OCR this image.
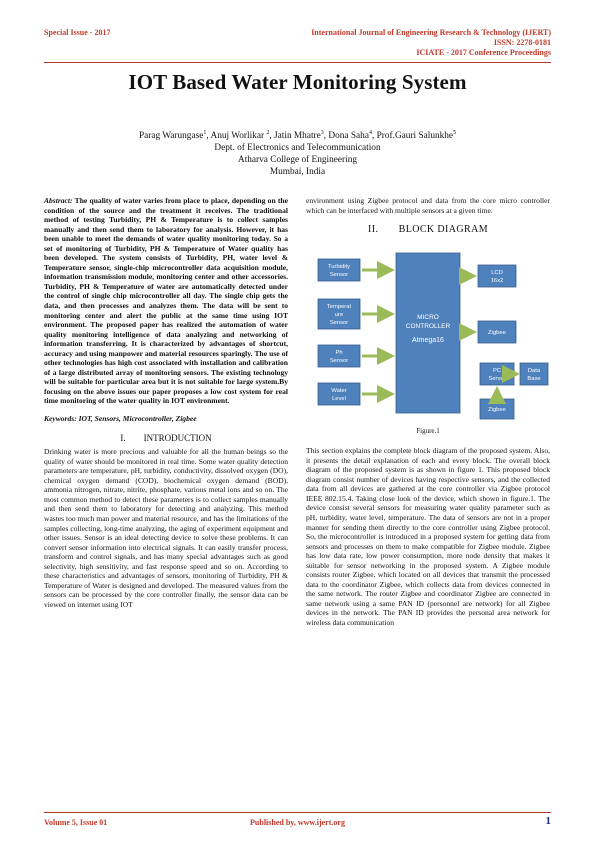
Special Issue - 2017	International Journal of Engineering Research & Technology (IJERT)
ISSN: 2278-0181
ICIATE - 2017 Conference Proceedings
IOT Based Water Monitoring System
Parag Warungase$^1$, Anuj Worlikar $^2$, Jatin Mhatre$^3$, Dona Saha$^4$, Prof.Gauri Salunkhe$^5$
Dept. of Electronics and Telecommunication
Atharva College of Engineering
Mumbai, India

Abstract: The quality of water varies from place to place, depending on the condition of the source and the treatment it receives. The traditional method of testing Turbidity, PH & Temperature is to collect samples manually and then send them to laboratory for analysis. However, it has been unable to meet the demands of water quality monitoring today. So a set of monitoring of Turbidity, PH & Temperature of Water quality has been developed. The system consists of Turbidity, PH, water level & Temperature sensor, single-chip microcontroller data acquisition module, information transmission module, monitoring center and other accessories. Turbidity, PH & Temperature of water are automatically detected under the control of single chip microcontroller all day. The single chip gets the data, and then processes and analyzes them. The data will be sent to monitoring center and alert the public at the same time using IOT environment. The proposed paper has realized the automation of water quality monitoring intelligence of data analyzing and networking of information transferring. It is characterized by advantages of shortcut, accuracy and using manpower and material resources sparingly. The use of other technologies has high cost associated with installation and calibration of a large distributed array of monitoring sensors. The existing technology will be suitable for particular area but it is not suitable for large system.By focusing on the above issues our paper proposes a low cost system for real time monitoring of the water quality in IOT environment.

Keywords: IOT, Sensors, Microcontroller, Zigbee

I.        INTRODUCTION

Drinking water is more precious and valuable for all the human beings so the quality of water should be monitored in real time. Some water quality detection parameters are temperature, pH, turbidity, conductivity, dissolved oxygen (DO), chemical oxygen demand (COD), biochemical oxygen demand (BOD), ammonia nitrogen, nitrate, nitrite, phosphate, various metal ions and so on. The most common method to detect these parameters is to collect samples manually and then send them to laboratory for detecting and analyzing. This method wastes too much man power and material resource, and has the limitations of the samples collecting, long-time analyzing, the aging of experiment equipment and other issues. Sensor is an ideal detecting device to solve these problems. It can convert sensor information into electrical signals. It can easily transfer process, transform and control signals, and has many special advantages such as good selectivity, high sensitivity, and fast response speed and so on. According to these characteristics and advantages of sensors, monitoring of Turbidity, PH & Temperature of Water is designed and developed. The measured values from the sensors can be processed by the core controller finally, the sensor data can be viewed on internet using IOT

environment using Zigbee protocol and data from the core micro controller which can be interfaced with multiple sensors at a given time.

II.       BLOCK DIAGRAM
Turbidity
Sensor
Temperat
ure
Sensor
Ph
Sensor
Water
Level
MICRO
CONTROLLER
Atmega16
LCD
16x2
Zigbee
PC
Server
Data
Base
Zigbee
Figure.1

This section explains the complete block diagram of the proposed system. Also, it presents the detail explanation of each and every block. The overall block diagram of the proposed system is as shown in figure 1. This proposed block diagram consist number of devices having respective sensors, and the collected data from all devices are gathered at the core controller via Zigbee protocol IEEE 802.15.4. Taking close look of the device, which shown in figure.1. The device consist several sensors for measuring water quality parameter such as pH, turbidity, water level, temperature. The data of sensors are not in a proper manner for sending them directly to the core controller using Zigbee protocol. So, the microcontroller is introduced in a proposed system for getting data from sensors and processes on them to make compatible for Zigbee module. Zigbee has low data rate, low power consumption, more node density that makes it suitable for sensor networking in the proposed system. A Zigbee module consists router Zigbee, which located on all devices that transmit the processed data to the coordinator Zigbee, which collects data from devices connected in the same network. The router Zigbee and coordinator Zigbee are connected in same network using a same PAN ID (personnel are network) for all Zigbee devices in the network. The PAN ID provides the personal area network for wireless data communication

Volume 5, Issue 01	Published by, www.ijert.org	1
